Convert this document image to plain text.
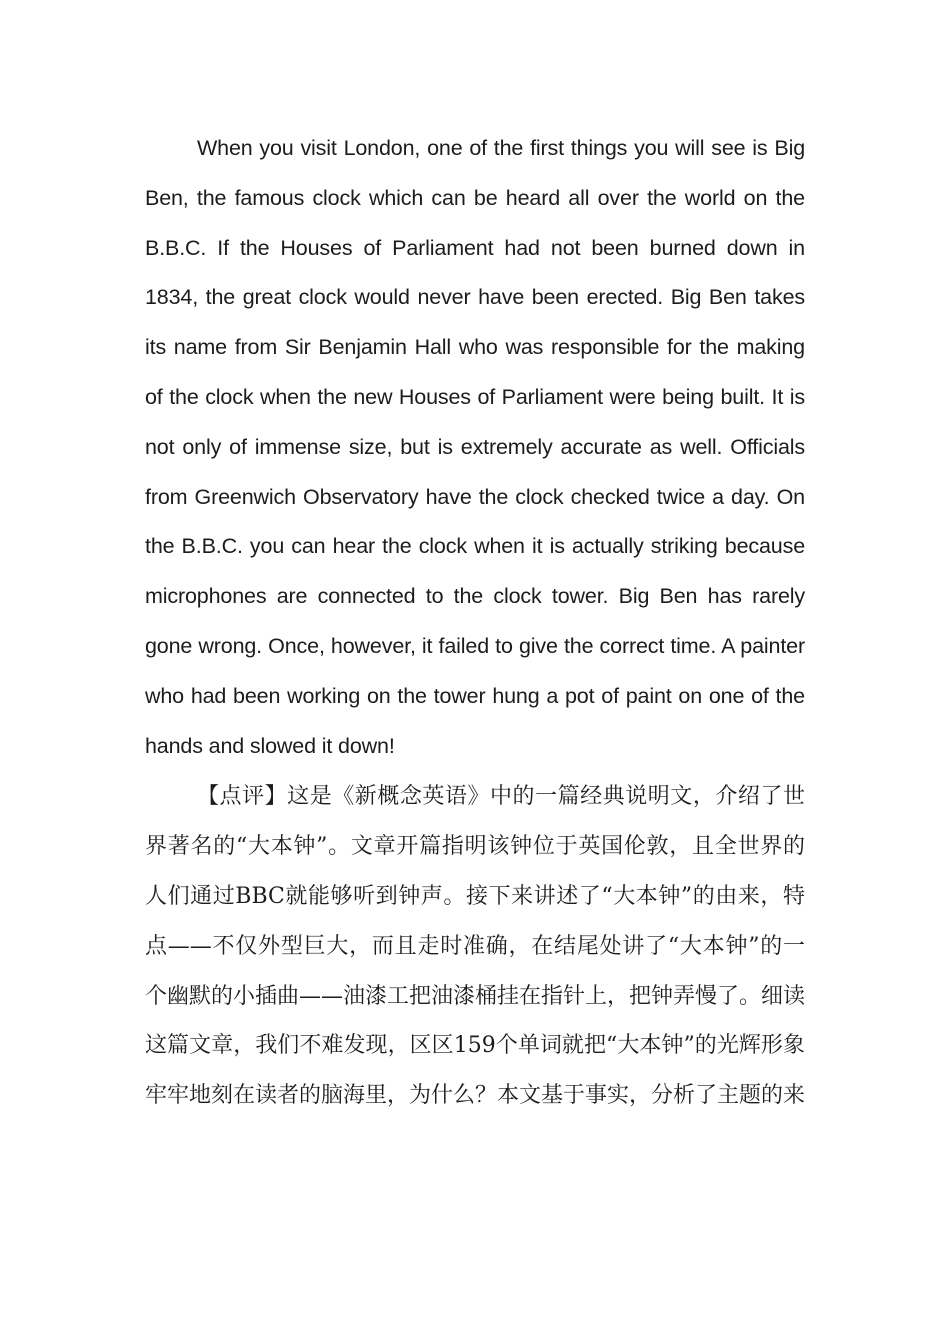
When you visit London, one of the first things you will see is Big Ben, the famous clock which can be heard all over the world on the B.B.C. If the Houses of Parliament had not been burned down in 1834, the great clock would never have been erected. Big Ben takes its name from Sir Benjamin Hall who was responsible for the making of the clock when the new Houses of Parliament were being built. It is not only of immense size, but is extremely accurate as well. Officials from Greenwich Observatory have the clock checked twice a day. On the B.B.C. you can hear the clock when it is actually striking because microphones are connected to the clock tower. Big Ben has rarely gone wrong. Once, however, it failed to give the correct time. A painter who had been working on the tower hung a pot of paint on one of the hands and slowed it down!

【点评】这是《新概念英语》中的一篇经典说明文，介绍了世界著名的“大本钟”。文章开篇指明该钟位于英国伦敦，且全世界的人们通过BBC就能够听到钟声。接下来讲述了“大本钟”的由来，特点——不仅外型巨大，而且走时准确，在结尾处讲了“大本钟”的一个幽默的小插曲——油漆工把油漆桶挂在指针上，把钟弄慢了。细读这篇文章，我们不难发现，区区159个单词就把“大本钟”的光辉形象牢牢地刻在读者的脑海里，为什么？本文基于事实，分析了主题的来
